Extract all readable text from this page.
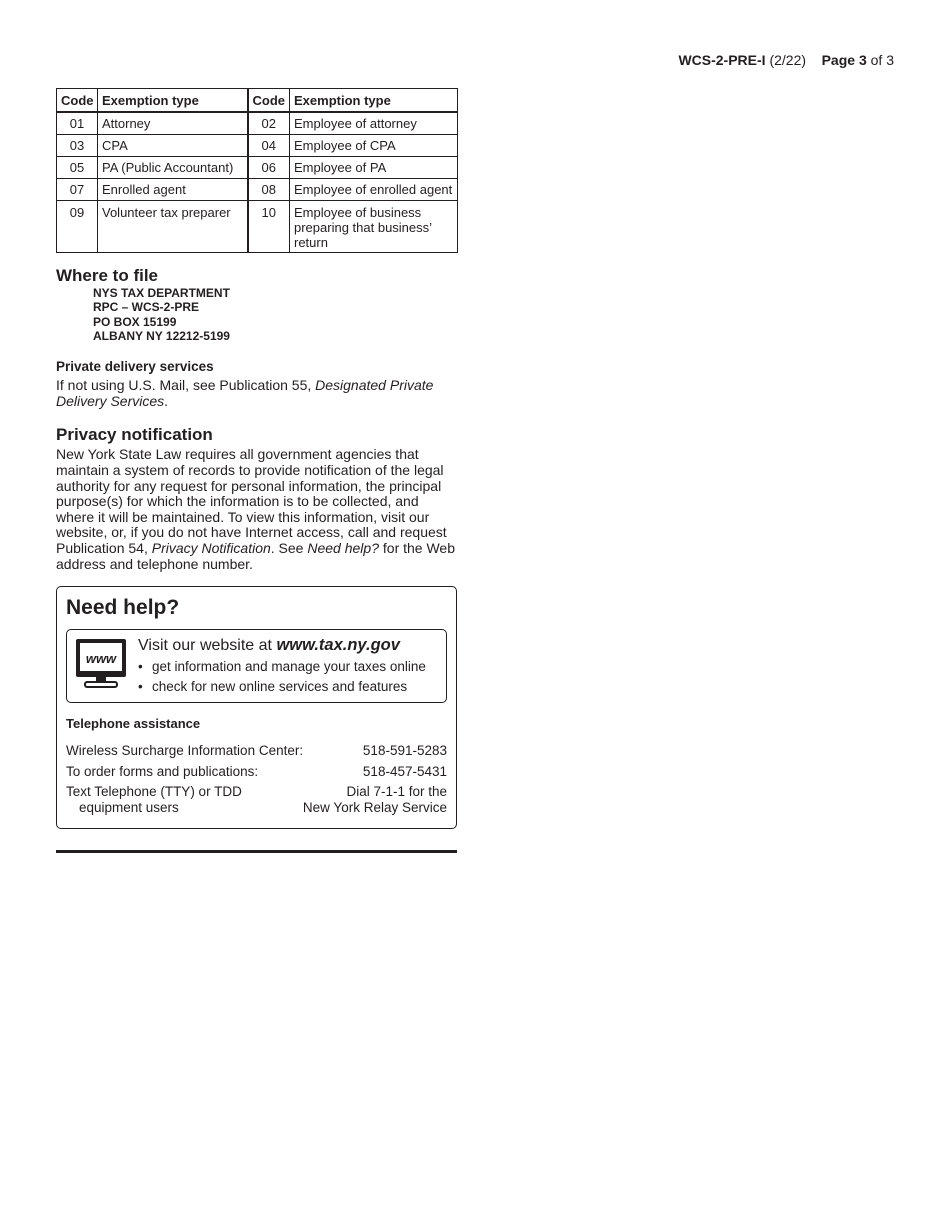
WCS-2-PRE-I (2/22) Page 3 of 3
Code	Exemption type	Code	Exemption type
01	Attorney	02	Employee of attorney
03	CPA	04	Employee of CPA
05	PA (Public Accountant)	06	Employee of PA
07	Enrolled agent	08	Employee of enrolled agent
09	Volunteer tax preparer	10	Employee of business preparing that business’ return
Where to file
NYS TAX DEPARTMENT
RPC – WCS-2-PRE
PO BOX 15199
ALBANY NY 12212-5199
Private delivery services

If not using U.S. Mail, see Publication 55, Designated Private Delivery Services.

Privacy notification

New York State Law requires all government agencies that maintain a system of records to provide notification of the legal authority for any request for personal information, the principal purpose(s) for which the information is to be collected, and where it will be maintained. To view this information, visit our website, or, if you do not have Internet access, call and request Publication 54, Privacy Notification. See Need help? for the Web address and telephone number.

Need help?
www
Visit our website at www.tax.ny.gov
• get information and manage your taxes online
• check for new online services and features
Telephone assistance
Wireless Surcharge Information Center:	518-591-5283
To order forms and publications:	518-457-5431
Text Telephone (TTY) or TDD
equipment users
Dial 7-1-1 for the
New York Relay Service
